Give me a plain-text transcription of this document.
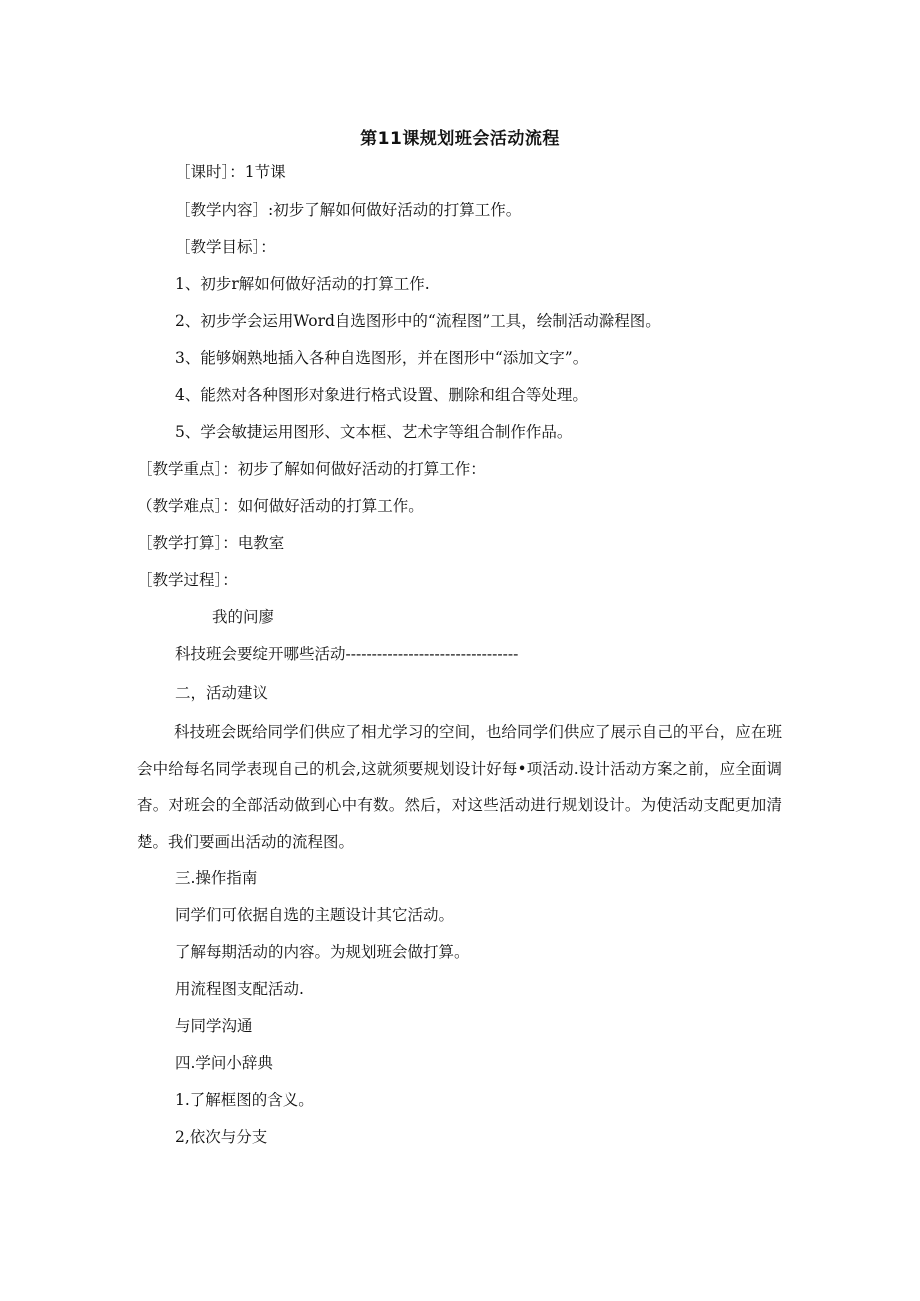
第11课规划班会活动流程
［课时］：1节课
［教学内容］:初步了解如何做好活动的打算工作。
［教学目标］：
1、初步r解如何做好活动的打算工作.
2、初步学会运用Word自选图形中的“流程图”工具，绘制活动滁程图。
3、能够娴熟地插入各种自选图形，并在图形中“添加文字”。
4、能然对各种图形对象进行格式设置、删除和组合等处理。
5、学会敏捷运用图形、文本框、艺术字等组合制作作品。
［教学重点］：初步了解如何做好活动的打算工作：
（教学难点］：如何做好活动的打算工作。
［教学打算］：电教室
［教学过程］：
我的问廖
科技班会要绽开哪些活动---------------------------------
二，活动建议
科技班会既给同学们供应了相尤学习的空间，也给同学们供应了展示自己的平台，应在班会中给每名同学表现自己的机会,这就须要规划设计好每•项活动.设计活动方案之前，应全面调杳。对班会的全部活动做到心中有数。然后，对这些活动进行规划设计。为使活动支配更加清楚。我们要画出活动的流程图。
三.操作指南
同学们可依据自选的主题设计其它活动。
了解每期活动的内容。为规划班会做打算。
用流程图支配活动.
与同学沟通
四.学问小辞典
1.了解框图的含义。
2,依次与分支
